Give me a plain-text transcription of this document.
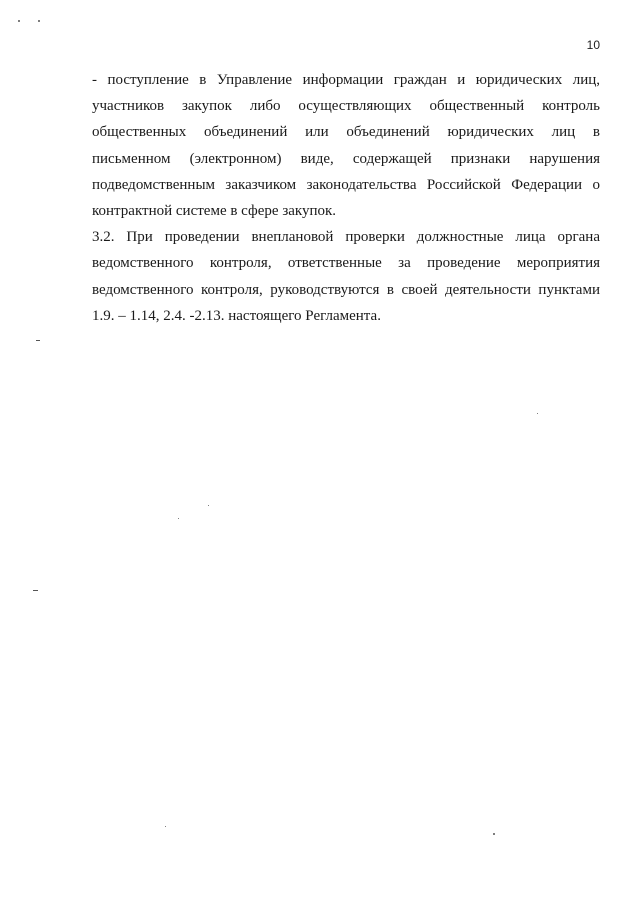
10
- поступление в Управление информации граждан и юридических лиц,
участников закупок либо осуществляющих общественный контроль
общественных объединений или объединений юридических лиц в
письменном (электронном) виде, содержащей признаки нарушения
подведомственным заказчиком законодательства Российской Федерации о
контрактной системе в сфере закупок.
3.2. При проведении внеплановой проверки должностные лица органа
ведомственного контроля, ответственные за проведение мероприятия
ведомственного контроля, руководствуются в своей деятельности пунктами
1.9. – 1.14, 2.4. -2.13. настоящего Регламента.
